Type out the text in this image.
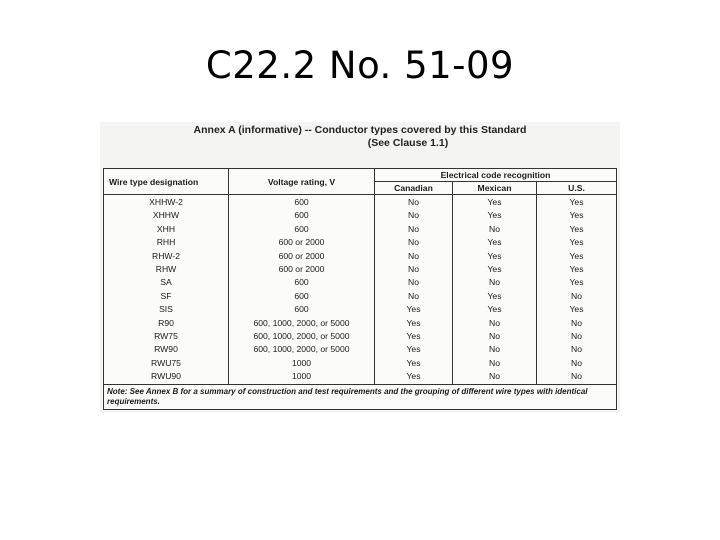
C22.2 No. 51-09
Annex A (informative) -- Conductor types covered by this Standard
(See Clause 1.1)
Wire type designation	Voltage rating, V	Electrical code recognition		
		Canadian	Mexican	U.S.
XHHW-2	600	No	Yes	Yes
XHHW	600	No	Yes	Yes
XHH	600	No	No	Yes
RHH	600 or 2000	No	Yes	Yes
RHW-2	600 or 2000	No	Yes	Yes
RHW	600 or 2000	No	Yes	Yes
SA	600	No	No	Yes
SF	600	No	Yes	No
SIS	600	Yes	Yes	Yes
R90	600, 1000, 2000, or 5000	Yes	No	No
RW75	600, 1000, 2000, or 5000	Yes	No	No
RW90	600, 1000, 2000, or 5000	Yes	No	No
RWU75	1000	Yes	No	No
RWU90	1000	Yes	No	No
Note: See Annex B for a summary of construction and test requirements and the grouping of different wire types with identical requirements.				
